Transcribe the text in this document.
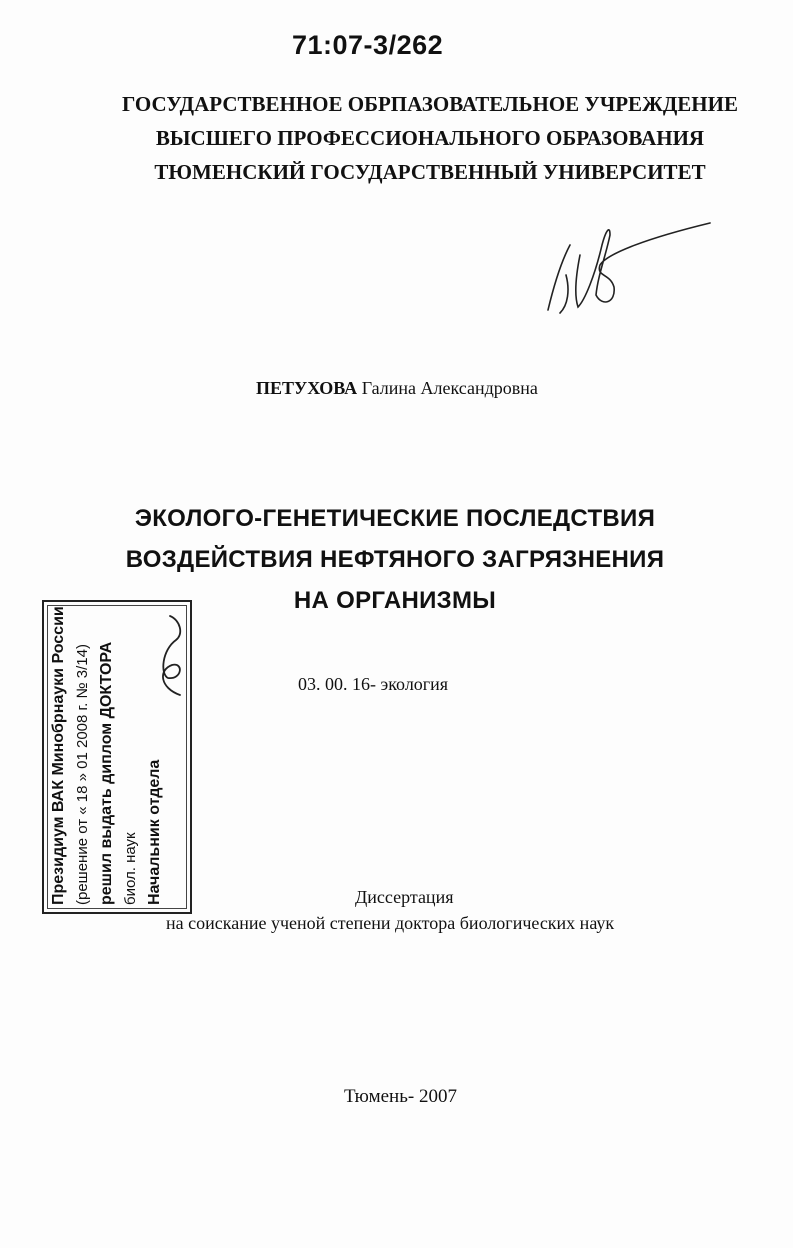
71:07-3/262
ГОСУДАРСТВЕННОЕ ОБРПАЗОВАТЕЛЬНОЕ УЧРЕЖДЕНИЕ
ВЫСШЕГО ПРОФЕССИОНАЛЬНОГО ОБРАЗОВАНИЯ
ТЮМЕНСКИЙ ГОСУДАРСТВЕННЫЙ УНИВЕРСИТЕТ
ПЕТУХОВА Галина Александровна
ЭКОЛОГО-ГЕНЕТИЧЕСКИЕ ПОСЛЕДСТВИЯ
ВОЗДЕЙСТВИЯ НЕФТЯНОГО ЗАГРЯЗНЕНИЯ
НА ОРГАНИЗМЫ
03. 00. 16- экология
Президиум ВАК Минобрнауки России (решение от « 18 » 01 2008 г. № 3/14) решил выдать диплом ДОКТОРА биол. наук Начальник отдела	Диссертация
на соискание ученой степени доктора биологических наук
Тюмень- 2007
